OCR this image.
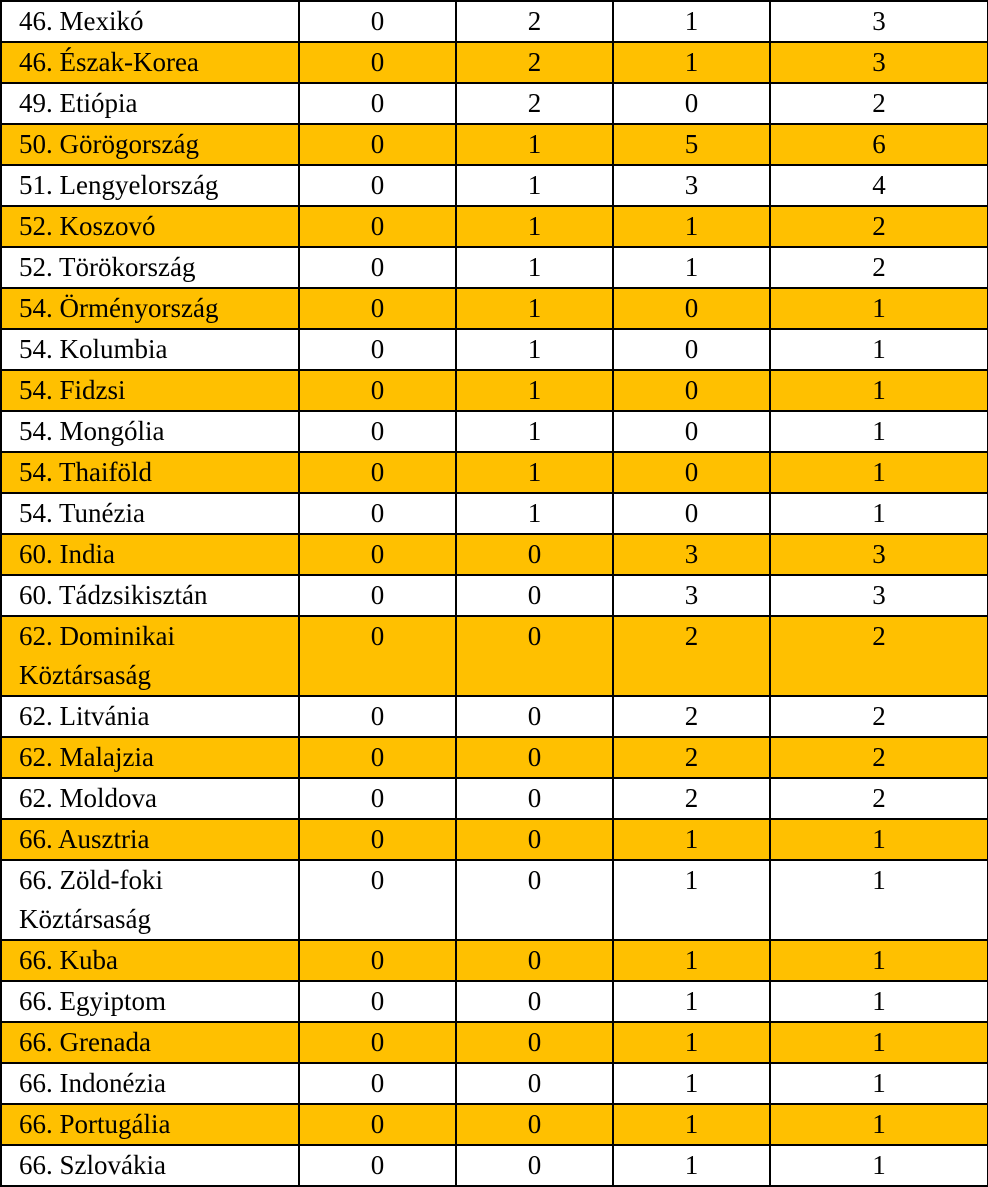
46. Mexikó	0	2	1	3
46. Észak-Korea	0	2	1	3
49. Etiópia	0	2	0	2
50. Görögország	0	1	5	6
51. Lengyelország	0	1	3	4
52. Koszovó	0	1	1	2
52. Törökország	0	1	1	2
54. Örményország	0	1	0	1
54. Kolumbia	0	1	0	1
54. Fidzsi	0	1	0	1
54. Mongólia	0	1	0	1
54. Thaiföld	0	1	0	1
54. Tunézia	0	1	0	1
60. India	0	0	3	3
60. Tádzsikisztán	0	0	3	3
62. Dominikai Köztársaság	0	0	2	2
62. Litvánia	0	0	2	2
62. Malajzia	0	0	2	2
62. Moldova	0	0	2	2
66. Ausztria	0	0	1	1
66. Zöld-foki Köztársaság	0	0	1	1
66. Kuba	0	0	1	1
66. Egyiptom	0	0	1	1
66. Grenada	0	0	1	1
66. Indonézia	0	0	1	1
66. Portugália	0	0	1	1
66. Szlovákia	0	0	1	1
